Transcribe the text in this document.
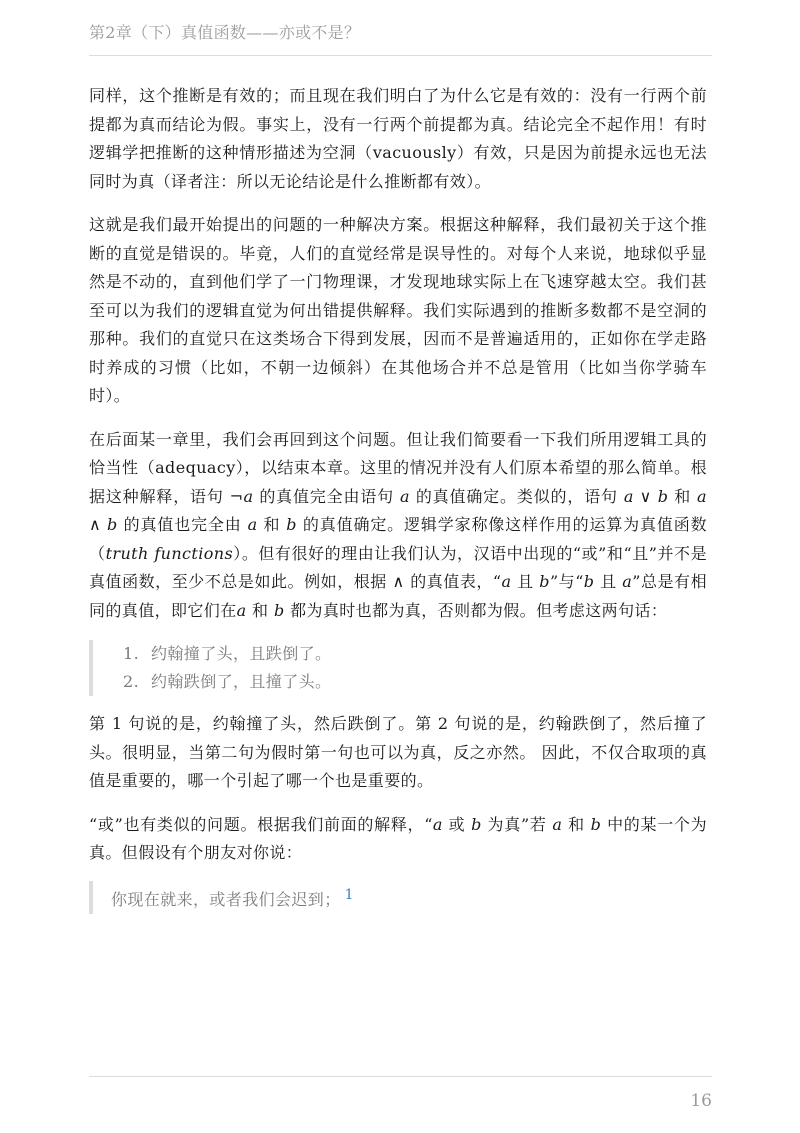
第2章（下）真值函数——亦或不是？

同样，这个推断是有效的；而且现在我们明白了为什么它是有效的：没有一行两个前提都为真而结论为假。事实上，没有一行两个前提都为真。结论完全不起作用！有时逻辑学把推断的这种情形描述为空洞（vacuously）有效，只是因为前提永远也无法同时为真（译者注：所以无论结论是什么推断都有效）。

这就是我们最开始提出的问题的一种解决方案。根据这种解释，我们最初关于这个推断的直觉是错误的。毕竟，人们的直觉经常是误导性的。对每个人来说，地球似乎显然是不动的，直到他们学了一门物理课，才发现地球实际上在飞速穿越太空。我们甚至可以为我们的逻辑直觉为何出错提供解释。我们实际遇到的推断多数都不是空洞的那种。我们的直觉只在这类场合下得到发展，因而不是普遍适用的，正如你在学走路时养成的习惯（比如，不朝一边倾斜）在其他场合并不总是管用（比如当你学骑车时）。

在后面某一章里，我们会再回到这个问题。但让我们简要看一下我们所用逻辑工具的恰当性（adequacy），以结束本章。这里的情况并没有人们原本希望的那么简单。根据这种解释，语句 ¬a 的真值完全由语句 a 的真值确定。类似的，语句 a ∨ b 和 a ∧ b 的真值也完全由 a 和 b 的真值确定。逻辑学家称像这样作用的运算为真值函数（truth functions）。但有很好的理由让我们认为，汉语中出现的“或”和“且”并不是真值函数，至少不总是如此。例如，根据 ∧ 的真值表，“a 且 b”与“b 且 a”总是有相同的真值，即它们在a 和 b 都为真时也都为真，否则都为假。但考虑这两句话：

1. 约翰撞了头，且跌倒了。
2. 约翰跌倒了，且撞了头。

第 1 句说的是，约翰撞了头，然后跌倒了。第 2 句说的是，约翰跌倒了，然后撞了头。很明显，当第二句为假时第一句也可以为真，反之亦然。 因此，不仅合取项的真值是重要的，哪一个引起了哪一个也是重要的。

“或”也有类似的问题。根据我们前面的解释，“a 或 b 为真”若 a 和 b 中的某一个为真。但假设有个朋友对你说：

你现在就来，或者我们会迟到； 1
16
